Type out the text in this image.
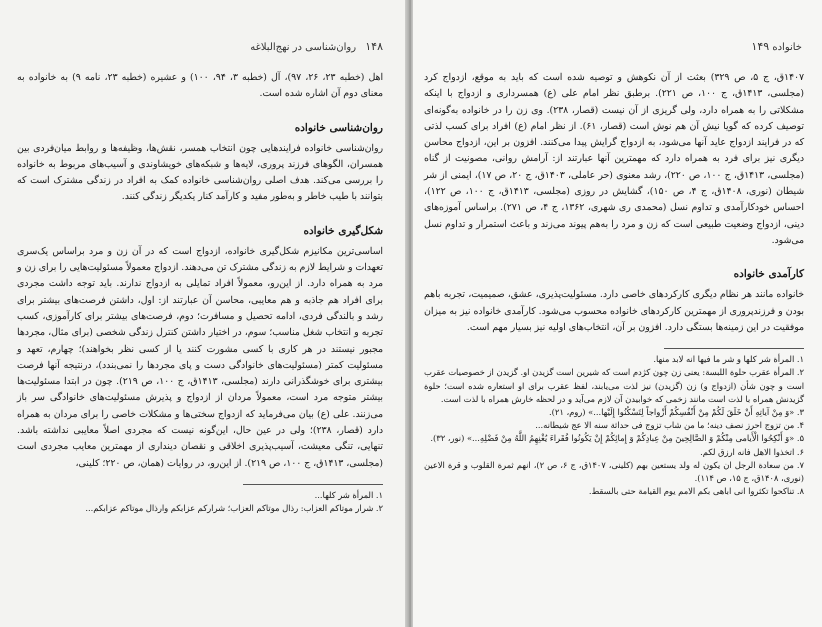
۱۴۸ روان‌شناسی در نهج‌البلاغه

اهل (خطبه ۲۳، ۲۶، ۹۷)، آل (خطبه ۳، ۹۴، ۱۰۰) و عشیره (خطبه ۲۳، نامه ۹) به خانواده به معنای دوم آن اشاره شده است.

روان‌شناسی خانواده

روان‌شناسی خانواده فرایندهایی چون انتخاب همسر، نقش‌ها، وظیفه‌ها و روابط میان‌فردی بین همسران، الگوهای فرزند پروری، لایه‌ها و شبکه‌های خویشاوندی و آسیب‌های مربوط به خانواده را بررسی می‌کند. هدف اصلی روان‌شناسی خانواده کمک به افراد در زندگی مشترک است که بتوانند با طیب خاطر و به‌طور مفید و کارآمد کنار یکدیگر زندگی کنند.

شکل‌گیری خانواده

اساسی‌ترین مکانیزم شکل‌گیری خانواده، ازدواج است که در آن زن و مرد براساس یک‌سری تعهدات و شرایط لازم به زندگی مشترک تن می‌دهند. ازدواج معمولاً مسئولیت‌هایی را برای زن و مرد به همراه دارد. از این‌رو، معمولاً افراد تمایلی به ازدواج ندارند. باید توجه داشت مجردی برای افراد هم جاذبه و هم معایبی، محاسن آن عبارتند از: اول، داشتن فرصت‌های بیشتر برای رشد و بالندگی فردی، ادامه تحصیل و مسافرت؛ دوم، فرصت‌های بیشتر برای کارآموزی، کسب تجربه و انتخاب شغل مناسب؛ سوم، در اختیار داشتن کنترل زندگی شخصی (برای مثال، مجردها مجبور نیستند در هر کاری با کسی مشورت کنند یا از کسی نظر بخواهند)؛ چهارم، تعهد و مسئولیت کمتر (مسئولیت‌های خانوادگی دست و پای مجردها را نمی‌بندد)، درنتیجه آنها فرصت بیشتری برای خوشگذرانی دارند (مجلسی، ۱۴۱۳ق، ج ۱۰۰، ص ۲۱۹). چون در ابتدا مسئولیت‌ها بیشتر متوجه مرد است، معمولاً مردان از ازدواج و پذیرش مسئولیت‌های خانوادگی سر باز می‌زنند. علی (ع) بیان می‌فرماید که ازدواج سختی‌ها و مشکلات خاصی را برای مردان به همراه دارد (قصار، ۲۳۸)؛ ولی در عین حال، این‌گونه نیست که مجردی اصلاً معایبی نداشته باشد. تنهایی، تنگی معیشت، آسیب‌پذیری اخلاقی و نقصان دینداری از مهمترین معایب مجردی است (مجلسی، ۱۴۱۳ق، ج ۱۰۰، ص ۲۱۹). از این‌رو، در روایات (همان، ص ۲۲۰؛ کلینی،

۱. المرأة شر کلها...

۲. شرار موتاکم العزاب: رذال موتاکم العزاب؛ شرارکم عزابکم وارذال موتاکم عزابکم...

خانواده ۱۴۹

۱۴۰۷ق، ج ۵، ص ۳۲۹) بعثت از آن نکوهش و توصیه شده است که باید به موقع، ازدواج کرد (مجلسی، ۱۴۱۳ق، ج ۱۰۰، ص ۲۲۱). برطبق نظر امام علی (ع) همسرداری و ازدواج با اینکه مشکلاتی را به همراه دارد، ولی گریزی از آن نیست (قصار، ۲۳۸). وی زن را در خانواده به‌گونه‌ای توصیف کرده که گویا نیش آن هم نوش است (قصار، ۶۱). از نظر امام (ع) افراد برای کسب لذتی که در فرایند ازدواج عاید آنها می‌شود، به ازدواج گرایش پیدا می‌کنند. افزون بر این، ازدواج محاسن دیگری نیز برای فرد به همراه دارد که مهمترین آنها عبارتند از: آرامش روانی، مصونیت از گناه (مجلسی، ۱۴۱۳ق، ج ۱۰۰، ص ۲۲۰)، رشد معنوی (حر عاملی، ۱۴۰۳ق، ج ۲۰، ص ۱۷)، ایمنی از شر شیطان (نوری، ۱۴۰۸ق، ج ۴، ص ۱۵۰)، گشایش در روزی (مجلسی، ۱۴۱۳ق، ج ۱۰۰، ص ۱۲۲)، احساس خودکارآمدی و تداوم نسل (محمدی ری شهری، ۱۳۶۲، ج ۴، ص ۲۷۱). براساس آموزه‌های دینی، ازدواج وضعیت طبیعی است که زن و مرد را به‌هم پیوند می‌زند و باعث استمرار و تداوم نسل می‌شود.

کارآمدی خانواده

خانواده مانند هر نظام دیگری کارکردهای خاصی دارد. مسئولیت‌پذیری، عشق، صمیمیت، تجربه باهم بودن و فرزندپروری از مهمترین کارکردهای خانواده محسوب می‌شود. کارآمدی خانواده نیز به میزان موفقیت در این زمینه‌ها بستگی دارد. افزون بر آن، انتخاب‌های اولیه نیز بسیار مهم است.

۱. المرأة شر کلها و شر ما فیها انه لابد منها.

۲. المرأة عقرب حلوة اللبسة: یعنی زن چون کژدم است که شیرین است گزیدن او. گزیدن از خصوصیات عقرب است و چون شأن (ازدواج و) زن (گزیدن) نیز لذت می‌یابند، لفظ عقرب برای او استعاره شده است؛ حلوة گزیدنش همراه با لذت است مانند زخمی که خوابیدن آن لازم می‌آید و در لحظه خارش همراه با لذت است.

۳. «وَ مِنْ آیاتِهِ أَنْ خَلَقَ لَکُمْ مِنْ أَنْفُسِکُمْ أَزْواجاً لِتَسْکُنُوا إِلَیْها...» (روم، ۲۱).

۴. من تزوج احرز نصف دینه؛ ما من شاب تزوج فی حداثة سنه الا عج شیطانه...

۵. «وَ أَنْکِحُوا الْأَیامی مِنْکُمْ وَ الصَّالِحِینَ مِنْ عِبادِکُمْ وَ إِمائِکُمْ إِنْ یَکُونُوا فُقَراءَ یُغْنِهِمُ اللَّهُ مِنْ فَضْلِهِ...» (نور، ۳۲).

۶. اتخذوا الاهل فانه ارزق لکم.

۷. من سعادة الرجل ان یکون له ولد یستعین بهم (کلینی، ۱۴۰۷ق، ج ۶، ص ۲)، انهم ثمرة القلوب و قرة الاعین (نوری، ۱۴۰۸ق، ج ۱۵، ص ۱۱۴).

۸. تناکحوا تکثروا انی اباهی بکم الامم یوم القیامة حتی بالسقط.
